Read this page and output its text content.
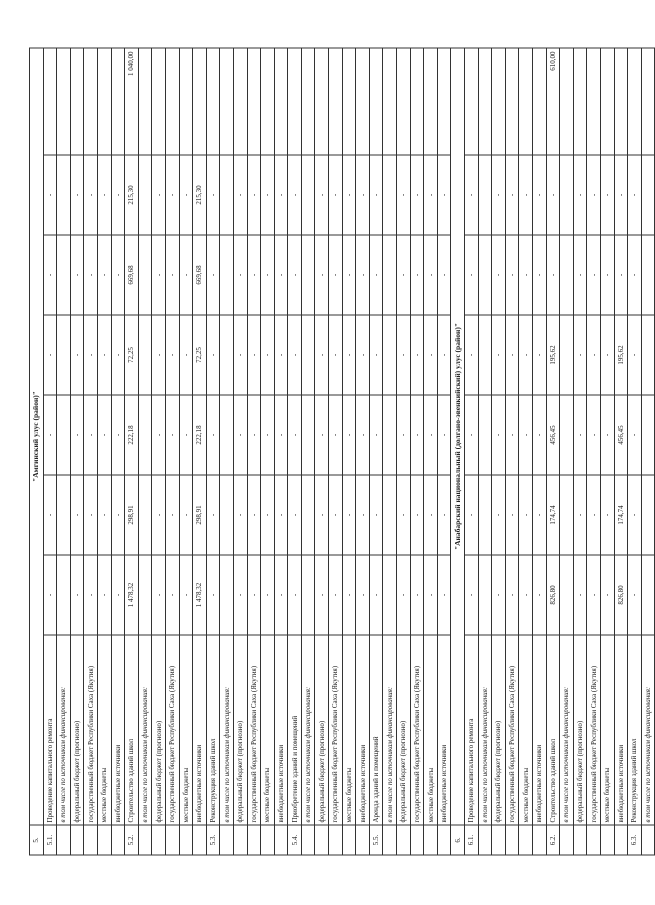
5.	"Амгинский улус (район)"							
5.1.	Проведение капитального ремонта	-	-	-	-	-	-	
	в том числе по источникам финансирования:							
	федеральный бюджет (прогнозно)	-	-	-	-	-	-	
	государственный бюджет Республики Саха (Якутия)	-	-	-	-	-	-	
	местные бюджеты	-	-	-	-	-	-	
	внебюджетные источники	-	-	-	-	-	-	
5.2.	Строительство зданий школ	1 478,32	298,91	222,18	72,25	669,68	215,30	1 040,00
	в том числе по источникам финансирования:							
	федеральный бюджет (прогнозно)	-	-	-	-	-	-	
	государственный бюджет Республики Саха (Якутия)	-	-	-	-	-	-	
	местные бюджеты	-	-	-	-	-	-	
	внебюджетные источники	1 478,32	298,91	222,18	72,25	669,68	215,30	
5.3.	Реконструкция зданий школ	-	-	-	-	-	-	
	в том числе по источникам финансирования:							
	федеральный бюджет (прогнозно)	-	-	-	-	-	-	
	государственный бюджет Республики Саха (Якутия)	-	-	-	-	-	-	
	местные бюджеты	-	-	-	-	-	-	
	внебюджетные источники	-	-	-	-	-	-	
5.4.	Приобретение зданий и помещений	-	-	-	-	-	-	
	в том числе по источникам финансирования:							
	федеральный бюджет (прогнозно)	-	-	-	-	-	-	
	государственный бюджет Республики Саха (Якутия)	-	-	-	-	-	-	
	местные бюджеты	-	-	-	-	-	-	
	внебюджетные источники	-	-	-	-	-	-	
5.5.	Аренда зданий и помещений	-	-	-	-	-	-	
	в том числе по источникам финансирования:							
	федеральный бюджет (прогнозно)	-	-	-	-	-	-	
	государственный бюджет Республики Саха (Якутия)	-	-	-	-	-	-	
	местные бюджеты	-	-	-	-	-	-	
	внебюджетные источники	-	-	-	-	-	-	
6.	"Анабарский национальный (долгано-эвенкийский) улус (район)"							
6.1.	Проведение капитального ремонта	-	-	-	-	-	-	
	в том числе по источникам финансирования:							
	федеральный бюджет (прогнозно)	-	-	-	-	-	-	
	государственный бюджет Республики Саха (Якутия)	-	-	-	-	-	-	
	местные бюджеты	-	-	-	-	-	-	
	внебюджетные источники	-	-	-	-	-	-	
6.2.	Строительство зданий школ	826,80	174,74	456,45	195,62	-	-	610,00
	в том числе по источникам финансирования:							
	федеральный бюджет (прогнозно)	-	-	-	-	-	-	
	государственный бюджет Республики Саха (Якутия)	-	-	-	-	-	-	
	местные бюджеты	-	-	-	-	-	-	
	внебюджетные источники	826,80	174,74	456,45	195,62	-	-	
6.3.	Реконструкция зданий школ	-	-	-	-	-	-	
	в том числе по источникам финансирования:							
